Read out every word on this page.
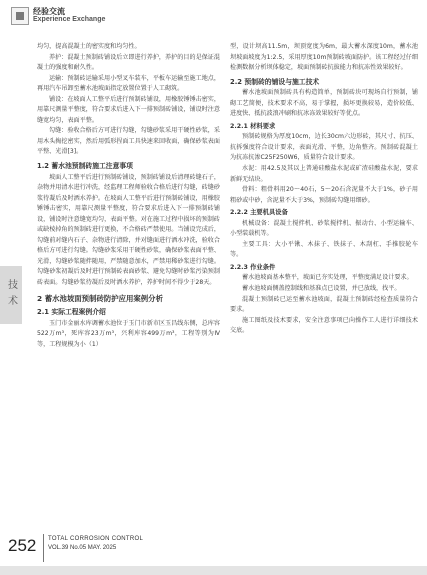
经验交流
Experience Exchange
技术

均匀，提高混凝土的密实度和均匀性。

养护：混凝土预制砖铺设后立即进行养护，养护的目的是保证混凝土的强度和耐久性。

运输：预制砖运输采用小型叉车装车，平板车运输至施工地点，再用汽车吊卸至蓄水池坡面指定放置位置于人工砌筑。

铺设：在坡面人工整平后进行预制砖铺设，用橡胶锤锤击密实，用靠尺测量平整度，符合要求后进入下一排预制砖铺设，铺设时注意缝宽均匀，表面平整。

勾缝：验收合格后方可进行勾缝，勾缝砂浆采用干硬性砂浆，采用木头掏挖密实，然后用弧形捏面工具快速来回收面，确保砂浆表面平整、光滑[3]。

1.2 蓄水池预制砖施工注意事项

坡面人工整平后进行预制砖铺设，预制砖铺设后清理砖缝石子，杂物并用清水进行冲洗，经监理工程师验收合格后进行勾缝，砖缝砂浆待凝后及时洒水养护。在坡面人工整平后进行预制砖铺设，用橡胶锤锤击密实，用靠尺测量平整度，符合要求后进入下一排预制砖铺设，铺设时注意缝宽均匀，表面平整。对在施工过程中损坏的预制砖或缺棱掉角的预制砖进行更换，不合格砖严禁使用。当铺设完成后，勾缝前对缝内石子、杂物进行清除，并对缝面进行洒水冲洗，验收合格后方可进行勾缝。勾缝砂浆采用干硬性砂浆，确保砂浆表面平整、光滑，勾缝砂浆随拌随用，严禁随意加水，严禁用稀砂浆进行勾缝。勾缝砂浆初凝后及时进行预制砖表面砂浆、避免勾缝时砂浆污染预制砖表面。勾缝砂浆待凝后及时洒水养护，养护时间不得少于28天。

2 蓄水池坡面预制砖防护应用案例分析
2.1 实际工程案例介绍

玉门市金丽水库调蓄水池位于玉门市新市区玉昌线东侧，总库容522万m³，死库容23万m³，兴利库容499万m³，工程等别为Ⅳ等，工程规模为小（1）

型，设计坝高11.5m，坝顶宽度为6m，最大蓄水深度10m，蓄水池坝坡面坡度为1:2.5，采用厚度10m预制砖坡面防护。该工程经过仔细检测数据分析坝体稳定，坡面预制砖抗拔能力和抗冻性效果较好。

2.2 预制砖的铺设与施工技术

蓄水池坡面预制砖具有构造简单，预制砖块可现场自行预制，铺砌工艺简便，技术要求不高，易于掌握，损坏更换较易，造价较低、进度快、抵抗波浪冲刷和抗冰冻效果较好等优点。

2.2.1 材料要求

预制砖规格为厚度10cm，边长30cm六边形砖，其尺寸、抗压、抗拆强度符合设计要求，表面光滑、平整，边角整齐。预制砖混凝土为抗冻抗渗C25F250W6，质量符合设计要求。

水泥：用42.5及其以上普通硅酸盐水泥或矿渣硅酸盐水泥，要求新鲜无结块。

骨料：粗骨料用20～40石，5～20石含泥量不大于1%，砂子用粗砂或中砂，含泥量不大于3%，预制砖勾缝用细砂。

2.2.2 主要机具设备

机械设备：混凝土搅拌机、砂浆搅拌机、振动台、小型运输车、小型装载机等。

主要工具：大小平锹、木抹子、铁抹子、木刮杠、手推胶轮车等。

2.2.3 作业条件

蓄水池坡面基本整平，坡面已夯实处理，平整度满足设计要求。

蓄水池坡面侧盖控制线和基准点已设置，并已放线，找平。

混凝土预制砖已运至蓄水池坡面，混凝土预制砖经检查质量符合要求。

施工图纸及技术要求，安全注意事项已向操作工人进行详细技术交底。

252 TOTAL CORROSION CONTROL
VOL.39 No.05 MAY. 2025
